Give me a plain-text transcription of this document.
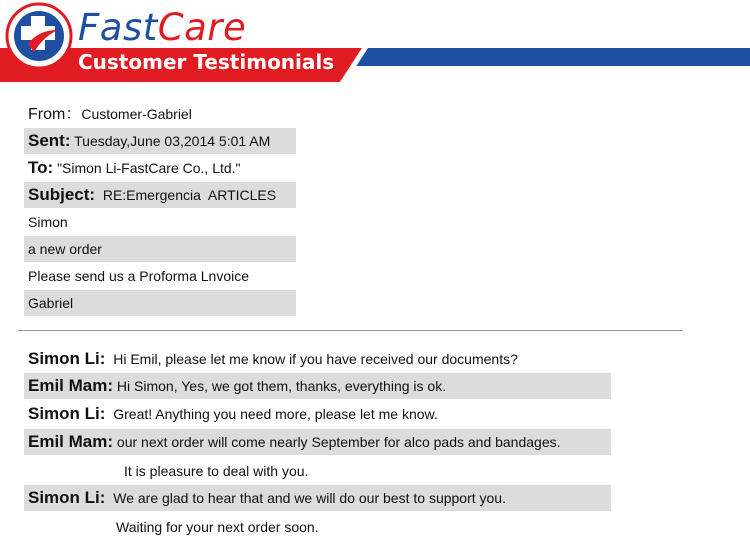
FastCare
Customer Testimonials
From：Customer-Gabriel
Sent: Tuesday,June 03,2014 5:01 AM
To: "Simon Li-FastCare Co., Ltd."
Subject: RE:Emergencia  ARTICLES
Simon
a new order
Please send us a Proforma Lnvoice
Gabriel
Simon Li: Hi Emil, please let me know if you have received our documents?
Emil Mam: Hi Simon, Yes, we got them, thanks, everything is ok.
Simon Li: Great! Anything you need more, please let me know.
Emil Mam: our next order will come nearly September for alco pads and bandages.
It is pleasure to deal with you.
Simon Li: We are glad to hear that and we will do our best to support you.
Waiting for your next order soon.
